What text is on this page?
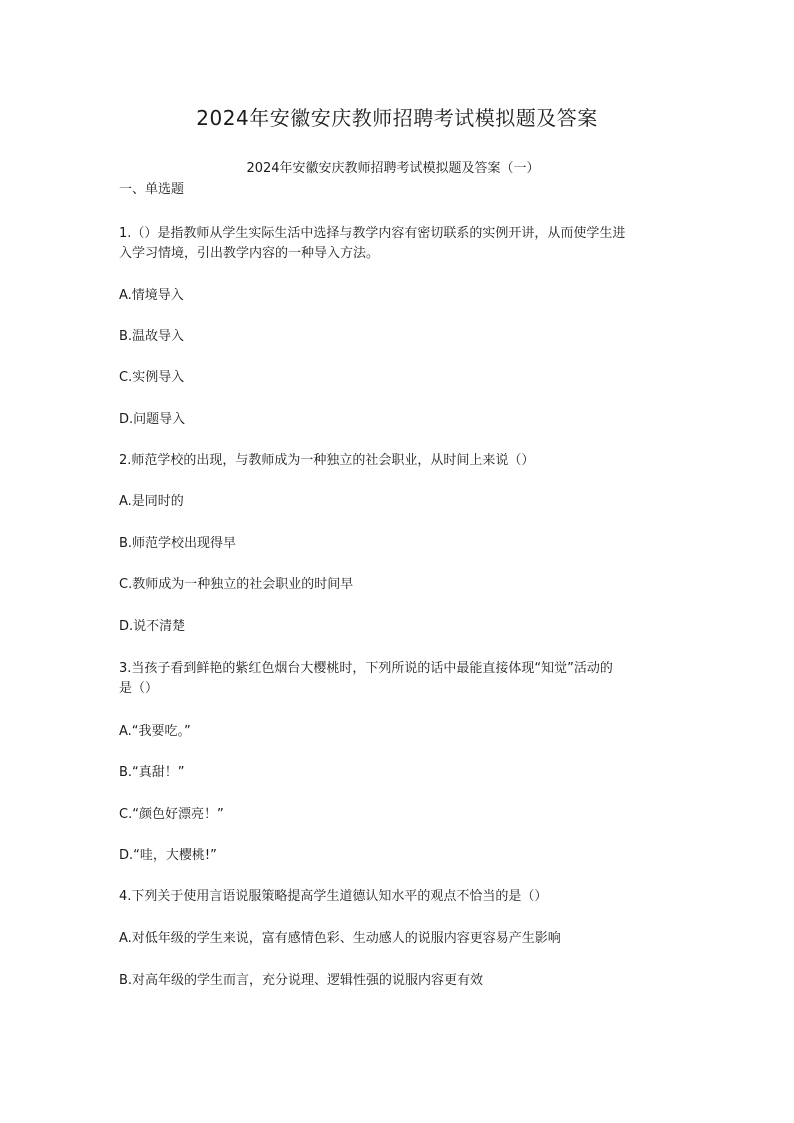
2024年安徽安庆教师招聘考试模拟题及答案
2024年安徽安庆教师招聘考试模拟题及答案（一）
一、单选题
1.（）是指教师从学生实际生活中选择与教学内容有密切联系的实例开讲，从而使学生进
入学习情境，引出教学内容的一种导入方法。
A.情境导入
B.温故导入
C.实例导入
D.问题导入
2.师范学校的出现，与教师成为一种独立的社会职业，从时间上来说（）
A.是同时的
B.师范学校出现得早
C.教师成为一种独立的社会职业的时间早
D.说不清楚
3.当孩子看到鲜艳的紫红色烟台大樱桃时，下列所说的话中最能直接体现“知觉”活动的
是（）
A.“我要吃。”
B.“真甜！”
C.“颜色好漂亮！”
D.“哇，大樱桃!”
4.下列关于使用言语说服策略提高学生道德认知水平的观点不恰当的是（）
A.对低年级的学生来说，富有感情色彩、生动感人的说服内容更容易产生影响
B.对高年级的学生而言，充分说理、逻辑性强的说服内容更有效
